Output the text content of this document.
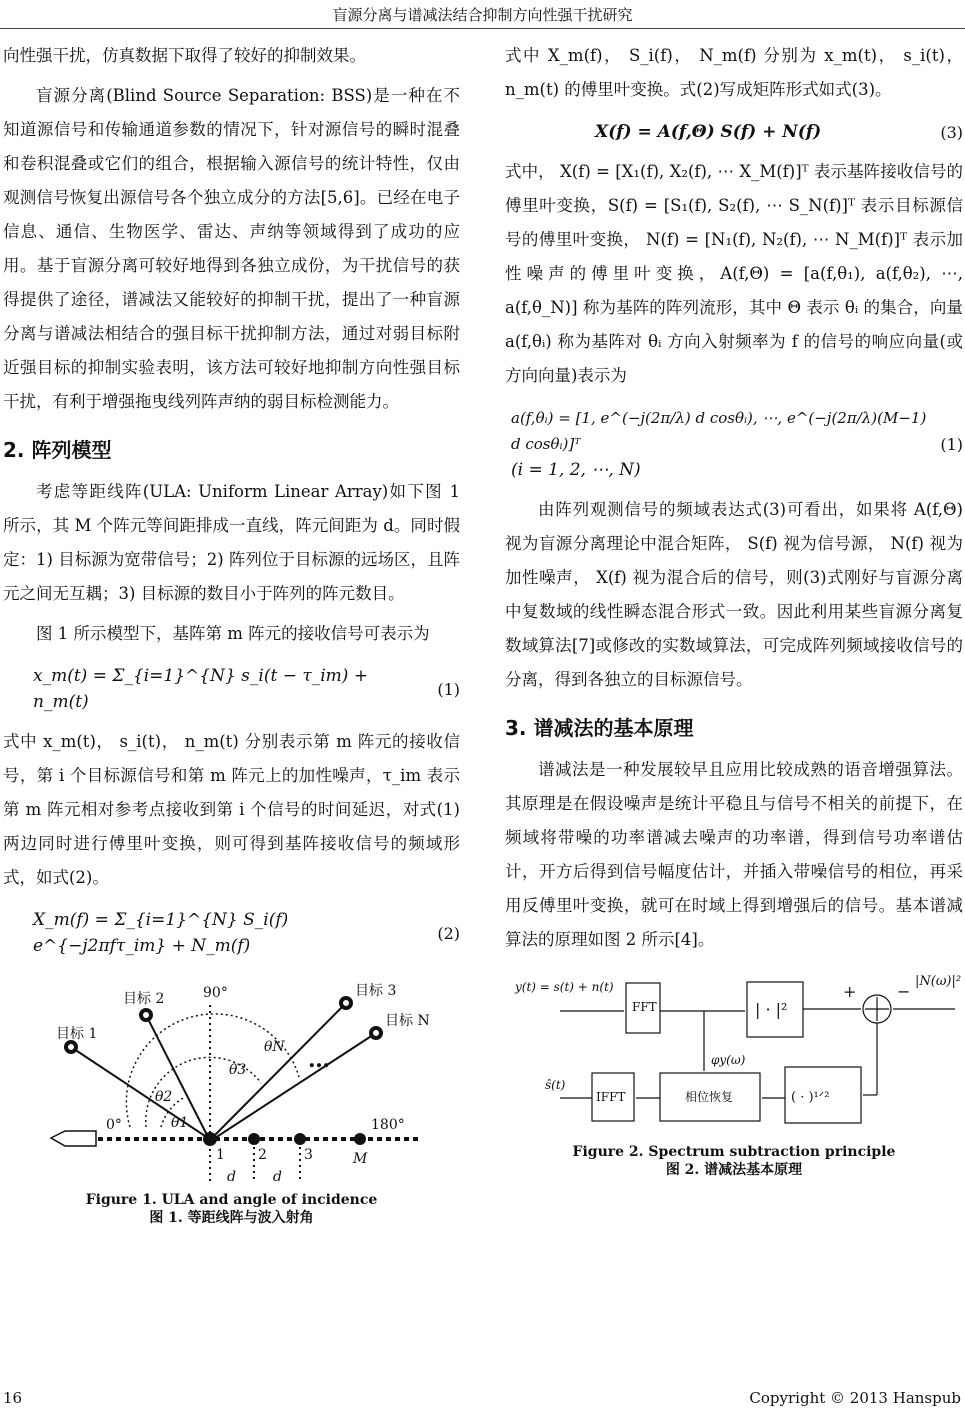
盲源分离与谱减法结合抑制方向性强干扰研究
向性强干扰，仿真数据下取得了较好的抑制效果。
盲源分离(Blind Source Separation: BSS)是一种在不知道源信号和传输通道参数的情况下，针对源信号的瞬时混叠和卷积混叠或它们的组合，根据输入源信号的统计特性，仅由观测信号恢复出源信号各个独立成分的方法[5,6]。已经在电子信息、通信、生物医学、雷达、声纳等领域得到了成功的应用。基于盲源分离可较好地得到各独立成份，为干扰信号的获得提供了途径，谱减法又能较好的抑制干扰，提出了一种盲源分离与谱减法相结合的强目标干扰抑制方法，通过对弱目标附近强目标的抑制实验表明，该方法可较好地抑制方向性强目标干扰，有利于增强拖曳线列阵声纳的弱目标检测能力。
2. 阵列模型
考虑等距线阵(ULA: Uniform Linear Array)如下图 1 所示，其 M 个阵元等间距排成一直线，阵元间距为 d。同时假定：1) 目标源为宽带信号；2) 阵列位于目标源的远场区，且阵元之间无互耦；3) 目标源的数目小于阵列的阵元数目。
图 1 所示模型下，基阵第 m 阵元的接收信号可表示为
x_m(t) = Σ_{i=1}^{N} s_i(t − τ_im) + n_m(t)
(1)
式中 x_m(t)， s_i(t)， n_m(t) 分别表示第 m 阵元的接收信号，第 i 个目标源信号和第 m 阵元上的加性噪声，τ_im 表示第 m 阵元相对参考点接收到第 i 个信号的时间延迟，对式(1)两边同时进行傅里叶变换，则可得到基阵接收信号的频域形式，如式(2)。
X_m(f) = Σ_{i=1}^{N} S_i(f) e^{−j2πfτ_im} + N_m(f)
(2)
目标 1
目标 2	目标 3
目标 N
90°
0°	180°
θN
θ3
θ2
θ1
1 2	3	M
d	d
…
Figure 1. ULA and angle of incidence
图 1. 等距线阵与波入射角
式中 X_m(f)， S_i(f)， N_m(f) 分别为 x_m(t)， s_i(t)， n_m(t) 的傅里叶变换。式(2)写成矩阵形式如式(3)。
X(f) = A(f,Θ) S(f) + N(f)	(3)
式中， X(f) = [X₁(f), X₂(f), ⋯ X_M(f)]ᵀ 表示基阵接收信号的傅里叶变换，S(f) = [S₁(f), S₂(f), ⋯ S_N(f)]ᵀ 表示目标源信号的傅里叶变换， N(f) = [N₁(f), N₂(f), ⋯ N_M(f)]ᵀ 表示加性噪声的傅里叶变换，A(f,Θ) = [a(f,θ₁), a(f,θ₂), ⋯, a(f,θ_N)] 称为基阵的阵列流形，其中 Θ 表示 θᵢ 的集合，向量 a(f,θᵢ) 称为基阵对 θᵢ 方向入射频率为 f 的信号的响应向量(或方向向量)表示为
a(f,θᵢ) = [1, e^(−j(2π/λ) d cosθᵢ), ⋯, e^(−j(2π/λ)(M−1) d cosθᵢ)]ᵀ
(i = 1, 2, ⋯, N)
(1)
由阵列观测信号的频域表达式(3)可看出，如果将 A(f,Θ) 视为盲源分离理论中混合矩阵， S(f) 视为信号源， N(f) 视为加性噪声， X(f) 视为混合后的信号，则(3)式刚好与盲源分离中复数域的线性瞬态混合形式一致。因此利用某些盲源分离复数域算法[7]或修改的实数域算法，可完成阵列频域接收信号的分离，得到各独立的目标源信号。
3. 谱减法的基本原理
谱减法是一种发展较早且应用比较成熟的语音增强算法。其原理是在假设噪声是统计平稳且与信号不相关的前提下，在频域将带噪的功率谱减去噪声的功率谱，得到信号功率谱估计，开方后得到信号幅度估计，并插入带噪信号的相位，再采用反傅里叶变换，就可在时域上得到增强后的信号。基本谱减算法的原理如图 2 所示[4]。
y(t) = s(t) + n(t)
FFT	| · |²
+	−
|N(ω)|²
φy(ω)
ŝ(t)
IFFT	相位恢复	( · )¹ᐟ²
Figure 2. Spectrum subtraction principle
图 2. 谱减法基本原理
16	Copyright © 2013 Hanspub
